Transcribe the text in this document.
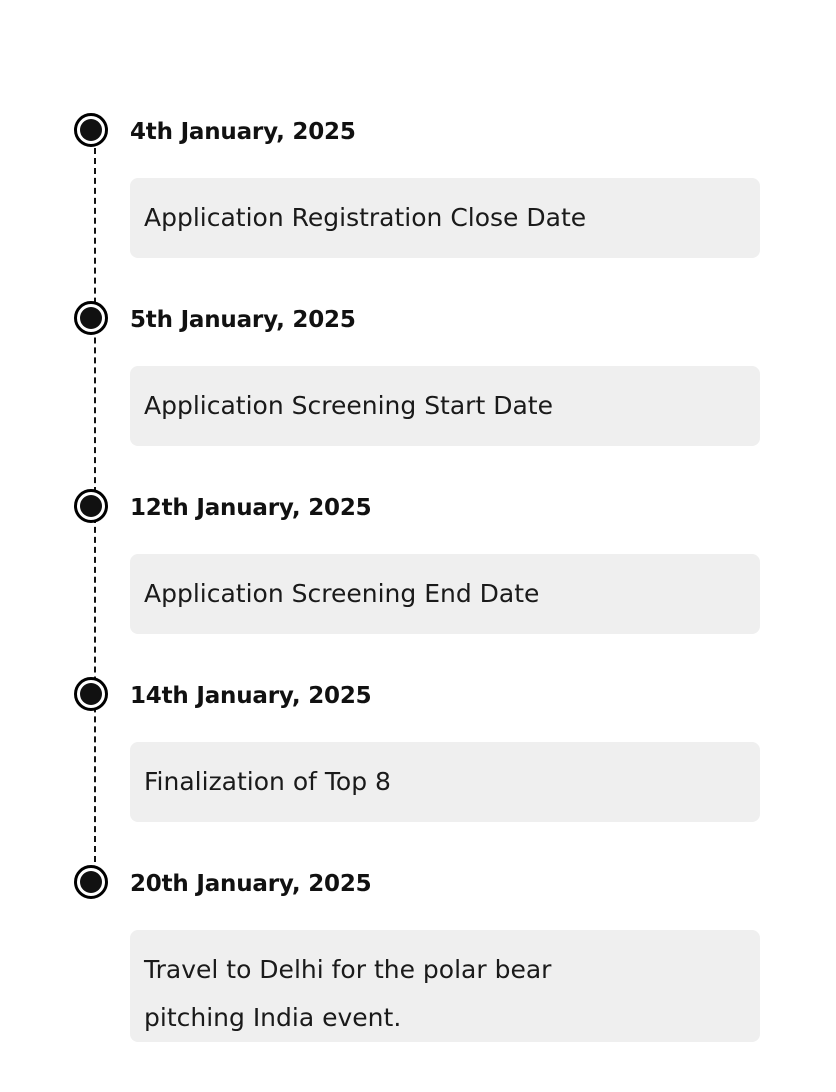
4th January, 2025
Application Registration Close Date
5th January, 2025
Application Screening Start Date
12th January, 2025
Application Screening End Date
14th January, 2025
Finalization of Top 8
20th January, 2025
Travel to Delhi for the polar bear pitching India event.
